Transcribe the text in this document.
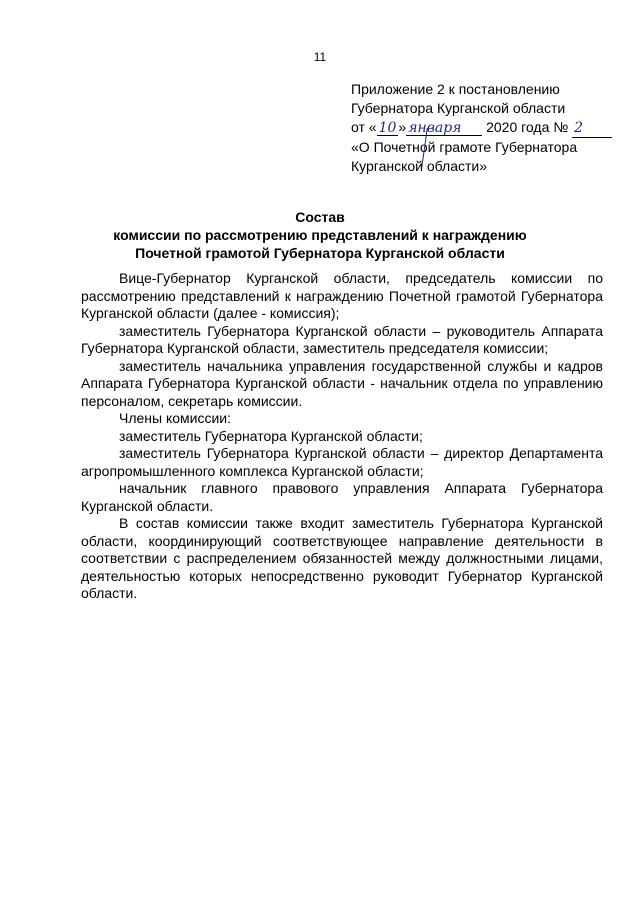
11
Приложение 2 к постановлению
Губернатора Курганской области
от « 10 » января 2020 года № 2
«О Почетной грамоте Губернатора
Курганской области»
Состав
комиссии по рассмотрению представлений к награждению
Почетной грамотой Губернатора Курганской области

Вице-Губернатор Курганской области, председатель комиссии по рассмотрению представлений к награждению Почетной грамотой Губернатора Курганской области (далее - комиссия);

заместитель Губернатора Курганской области – руководитель Аппарата Губернатора Курганской области, заместитель председателя комиссии;

заместитель начальника управления государственной службы и кадров Аппарата Губернатора Курганской области - начальник отдела по управлению персоналом, секретарь комиссии.

Члены комиссии:

заместитель Губернатора Курганской области;

заместитель Губернатора Курганской области – директор Департамента агропромышленного комплекса Курганской области;

начальник главного правового управления Аппарата Губернатора Курганской области.

В состав комиссии также входит заместитель Губернатора Курганской области, координирующий соответствующее направление деятельности в соответствии с распределением обязанностей между должностными лицами, деятельностью которых непосредственно руководит Губернатор Курганской области.
